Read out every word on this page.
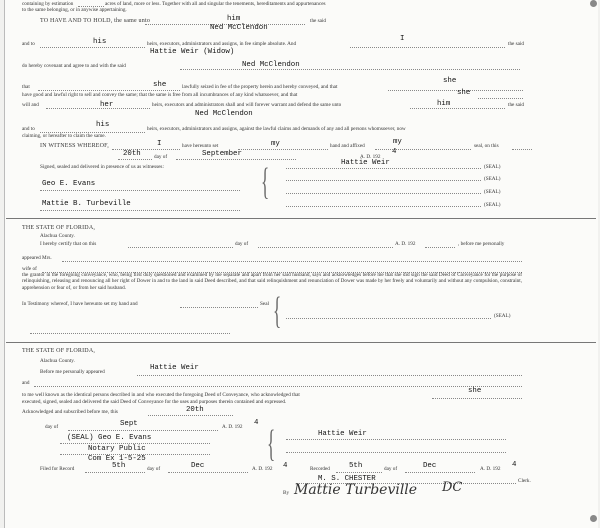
containing by estimation	acres of land, more or less. Together with all and singular the tenements, hereditaments and appurtenances
to the same belonging, or in anywise appertaining.
TO HAVE AND TO HOLD, the same unto	him	the said
Ned McClendon
and to	his	heirs, executors, administrators and assigns, in fee simple absolute. And
I
the said
Hattie Weir (Widow)
do hereby covenant and agree to and with the said	Ned McClendon
that	she	lawfully seized in fee of the property herein and hereby conveyed, and that
she
have good and lawful right to sell and convey the same; that the same is free from all incumbrances of any kind whatsoever, and that	she
will and	her	heirs, executors and administrators shall and will forever warrant and defend the same unto	him	the said
Ned McClendon
and to	his	heirs, executors, administrators and assigns, against the lawful claims and demands of any and all persons whomsoever, now
claiming, or hereafter to claim the same.
IN WITNESS WHEREOF,	I	have hereunto set	my	hand and affixed	my	seal, on this
20th	day of	September	A. D. 192
4
Signed, sealed and delivered in presence of us as witnesses:	Hattie Weir	(SEAL)
(SEAL)
(SEAL)
(SEAL)
{
Geo E. Evans
Mattie B. Turbeville
THE STATE OF FLORIDA,
Alachua County.
I hereby certify that on this	day of	A. D. 192	, before me personally
appeared Mrs.
wife of
the grantor in the foregoing conveyance, who, being first duly questioned and examined by me separate and apart from her said husband, says and acknowledges before me that she did sign the said Deed of Conveyance for the purpose of relinquishing, releasing and renouncing all her right of Dower in and to the land in said Deed described, and that said relinquishment and renunciation of Dower was made by her freely and voluntarily and without any compulsion, constraint, apprehension or fear of, or from her said husband.
In Testimony whereof, I have hereunto set my hand and	Seal {	(SEAL)
THE STATE OF FLORIDA,
Alachua County.
Before me personally appeared	Hattie Weir
and
to me well known as the identical persons described in and who executed the foregoing Deed of Conveyance, who acknowledged that	she
executed, signed, sealed and delivered the said Deed of Conveyance for the uses and purposes therein contained and expressed.
Acknowledged and subscribed before me, this	20th
day of	Sept	A. D. 192 4
(SEAL) Geo E. Evans
Notary Public
Com Ex 1-5-25	{	Hattie Weir
Filed for Record	5th	day of	Dec	A. D. 192 4	Recorded	5th	day of	Dec	A. D. 192 4
M. S. CHESTER	Clerk.
By Mattie Turbeville DC
